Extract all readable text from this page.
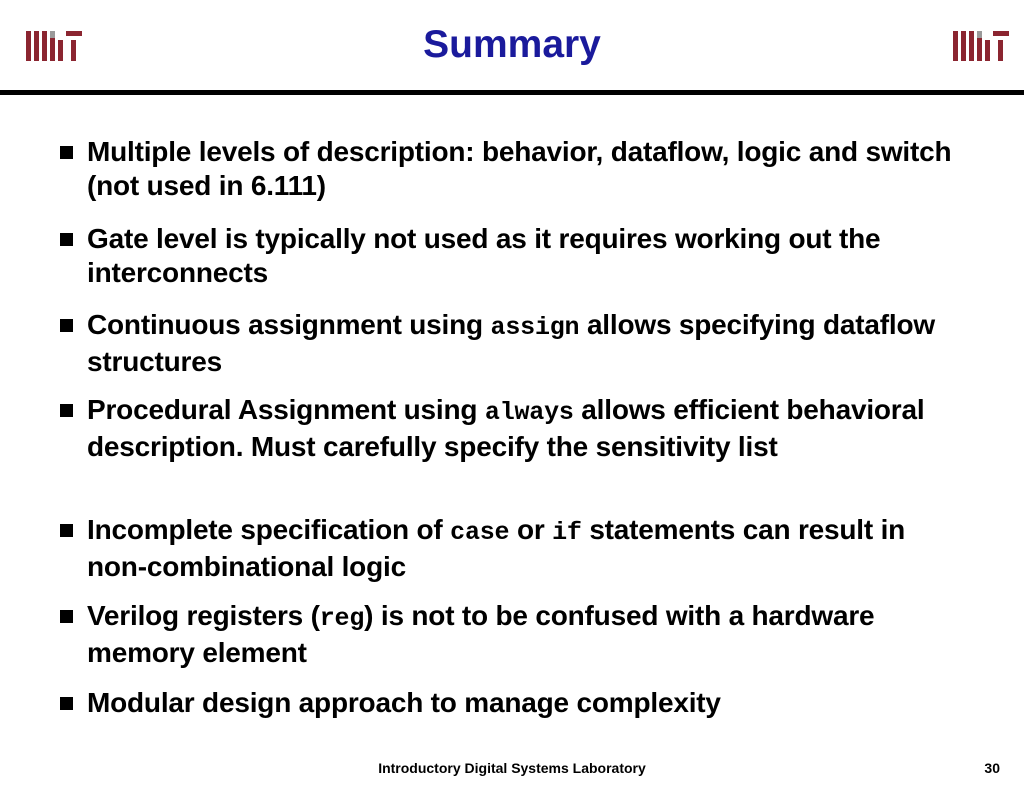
Summary
Multiple levels of description: behavior, dataflow, logic and switch (not used in 6.111)
Gate level is typically not used as it requires working out the interconnects
Continuous assignment using assign allows specifying dataflow structures
Procedural Assignment using always allows efficient behavioral description. Must carefully specify the sensitivity list
Incomplete specification of case or if statements can result in non-combinational logic
Verilog registers (reg) is not to be confused with a hardware memory element
Modular design approach to manage complexity
Introductory Digital Systems Laboratory	30
